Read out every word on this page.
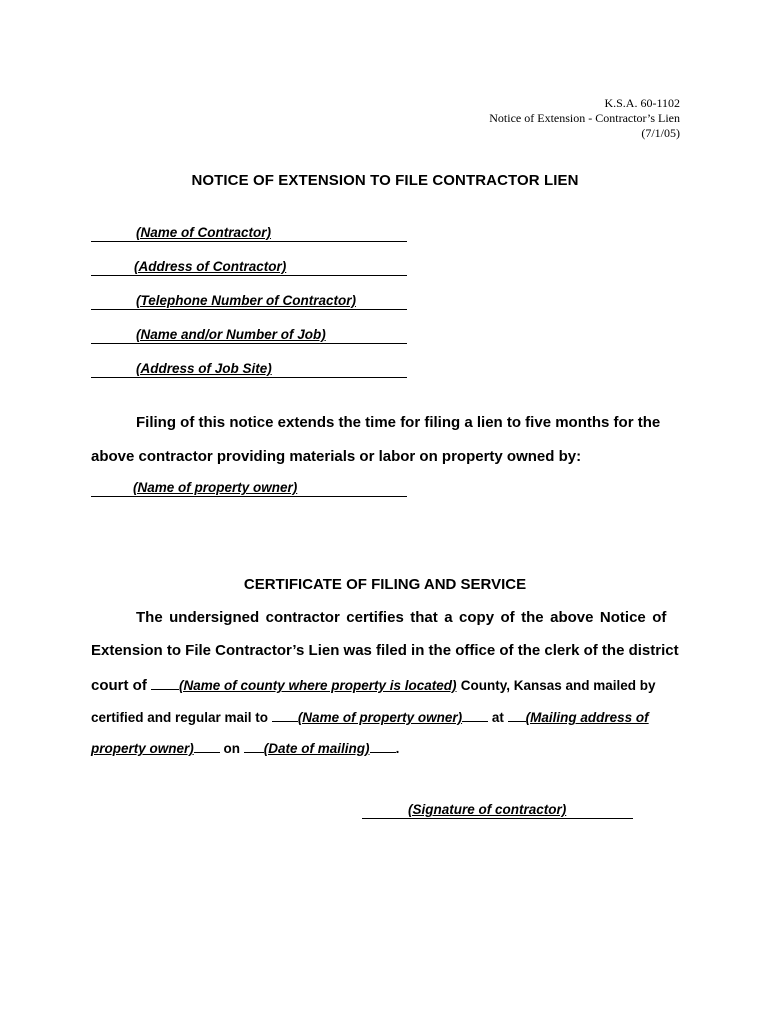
K.S.A. 60-1102
Notice of Extension - Contractor’s Lien
(7/1/05)
NOTICE OF EXTENSION TO FILE CONTRACTOR LIEN
(Name of Contractor)
(Address of Contractor)
(Telephone Number of Contractor)
(Name and/or Number of Job)
(Address of Job Site)
Filing of this notice extends the time for filing a lien to five months for the
above contractor providing materials or labor on property owned by:
(Name of property owner)
CERTIFICATE OF FILING AND SERVICE
The undersigned contractor certifies that a copy of the above Notice of
Extension to File Contractor’s Lien was filed in the office of the clerk of the district
court of (Name of county where property is located) County, Kansas and mailed by
certified and regular mail to (Name of property owner) at (Mailing address of
property owner) on (Date of mailing) .
(Signature of contractor)
